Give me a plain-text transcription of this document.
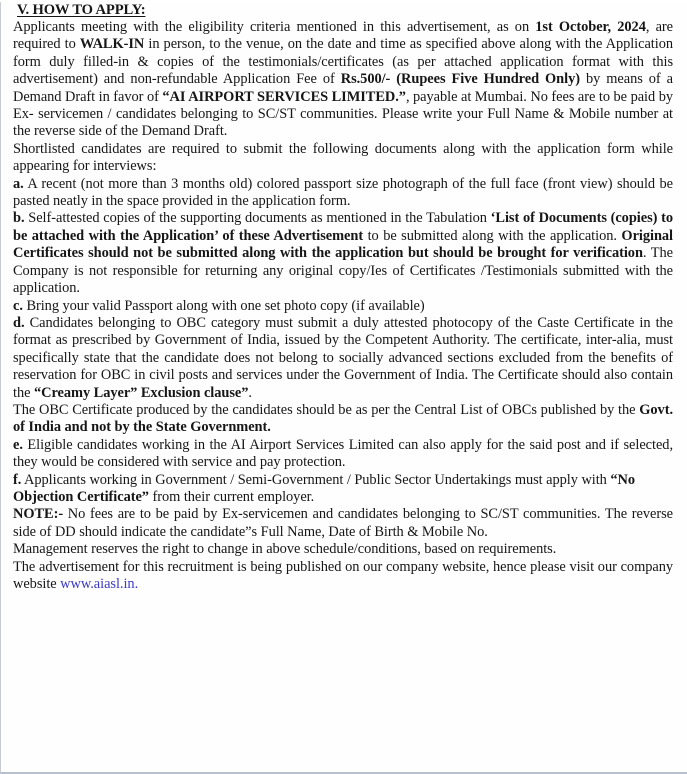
V. HOW TO APPLY:

Applicants meeting with the eligibility criteria mentioned in this advertisement, as on 1st October, 2024, are required to WALK-IN in person, to the venue, on the date and time as specified above along with the Application form duly filled-in & copies of the testimonials/certificates (as per attached application format with this advertisement) and non-refundable Application Fee of Rs.500/- (Rupees Five Hundred Only) by means of a Demand Draft in favor of “AI AIRPORT SERVICES LIMITED.”, payable at Mumbai. No fees are to be paid by Ex- servicemen / candidates belonging to SC/ST communities. Please write your Full Name & Mobile number at the reverse side of the Demand Draft.

Shortlisted candidates are required to submit the following documents along with the application form while appearing for interviews:

a. A recent (not more than 3 months old) colored passport size photograph of the full face (front view) should be pasted neatly in the space provided in the application form.

b. Self-attested copies of the supporting documents as mentioned in the Tabulation ‘List of Documents (copies) to be attached with the Application’ of these Advertisement to be submitted along with the application. Original Certificates should not be submitted along with the application but should be brought for verification. The Company is not responsible for returning any original copy/Ies of Certificates /Testimonials submitted with the application.

c. Bring your valid Passport along with one set photo copy (if available)

d. Candidates belonging to OBC category must submit a duly attested photocopy of the Caste Certificate in the format as prescribed by Government of India, issued by the Competent Authority. The certificate, inter-alia, must specifically state that the candidate does not belong to socially advanced sections excluded from the benefits of reservation for OBC in civil posts and services under the Government of India. The Certificate should also contain the “Creamy Layer” Exclusion clause”.

The OBC Certificate produced by the candidates should be as per the Central List of OBCs published by the Govt. of India and not by the State Government.

e. Eligible candidates working in the AI Airport Services Limited can also apply for the said post and if selected, they would be considered with service and pay protection.

f. Applicants working in Government / Semi-Government / Public Sector Undertakings must apply with “No Objection Certificate” from their current employer.

NOTE:- No fees are to be paid by Ex-servicemen and candidates belonging to SC/ST communities. The reverse side of DD should indicate the candidate”s Full Name, Date of Birth & Mobile No.

Management reserves the right to change in above schedule/conditions, based on requirements.

The advertisement for this recruitment is being published on our company website, hence please visit our company website www.aiasl.in.
